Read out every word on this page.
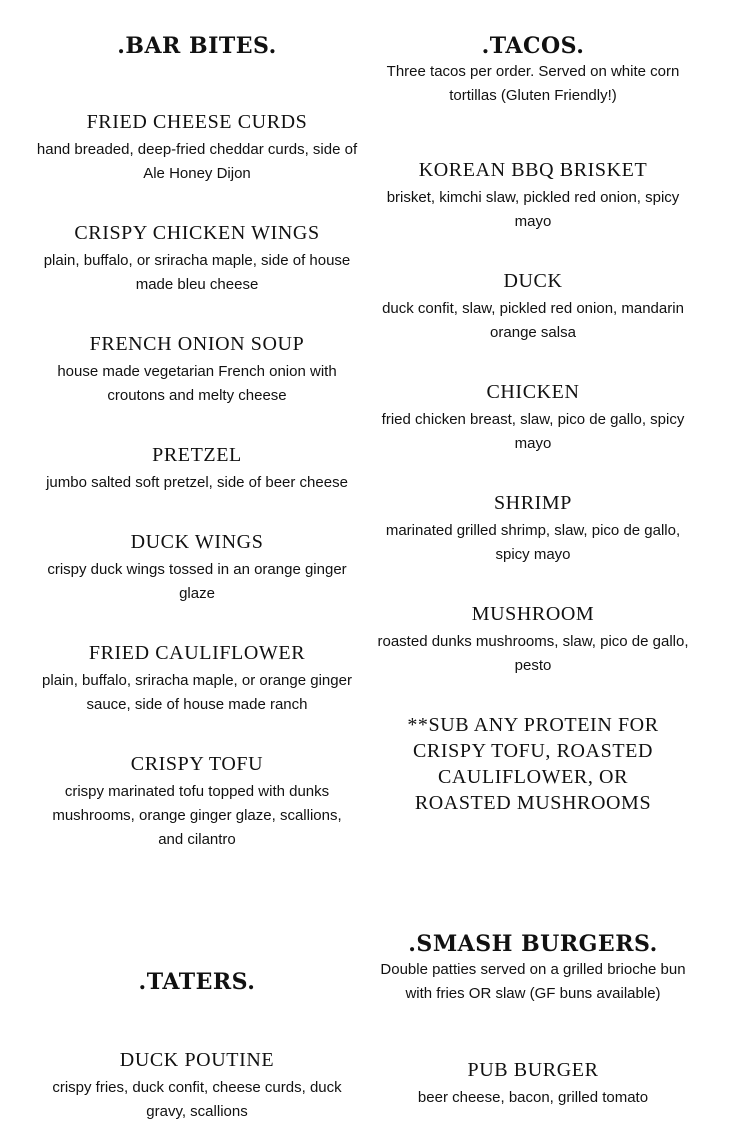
.BAR BITES.
FRIED CHEESE CURDS
hand breaded, deep-fried cheddar curds, side of Ale Honey Dijon
CRISPY CHICKEN WINGS
plain, buffalo, or sriracha maple, side of house made bleu cheese
FRENCH ONION SOUP
house made vegetarian French onion with croutons and melty cheese
PRETZEL
jumbo salted soft pretzel, side of beer cheese
DUCK WINGS
crispy duck wings tossed in an orange ginger glaze
FRIED CAULIFLOWER
plain, buffalo, sriracha maple, or orange ginger sauce, side of house made ranch
CRISPY TOFU
crispy marinated tofu topped with dunks mushrooms, orange ginger glaze, scallions, and cilantro
.TACOS.
Three tacos per order. Served on white corn tortillas (Gluten Friendly!)
KOREAN BBQ BRISKET
brisket, kimchi slaw, pickled red onion, spicy mayo
DUCK
duck confit, slaw, pickled red onion, mandarin orange salsa
CHICKEN
fried chicken breast, slaw, pico de gallo, spicy mayo
SHRIMP
marinated grilled shrimp, slaw, pico de gallo, spicy mayo
MUSHROOM
roasted dunks mushrooms, slaw, pico de gallo, pesto
**SUB ANY PROTEIN FOR CRISPY TOFU, ROASTED CAULIFLOWER, OR ROASTED MUSHROOMS
.TATERS.
DUCK POUTINE
crispy fries, duck confit, cheese curds, duck gravy, scallions
.SMASH BURGERS.
Double patties served on a grilled brioche bun with fries OR slaw (GF buns available)
PUB BURGER
beer cheese, bacon, grilled tomato
